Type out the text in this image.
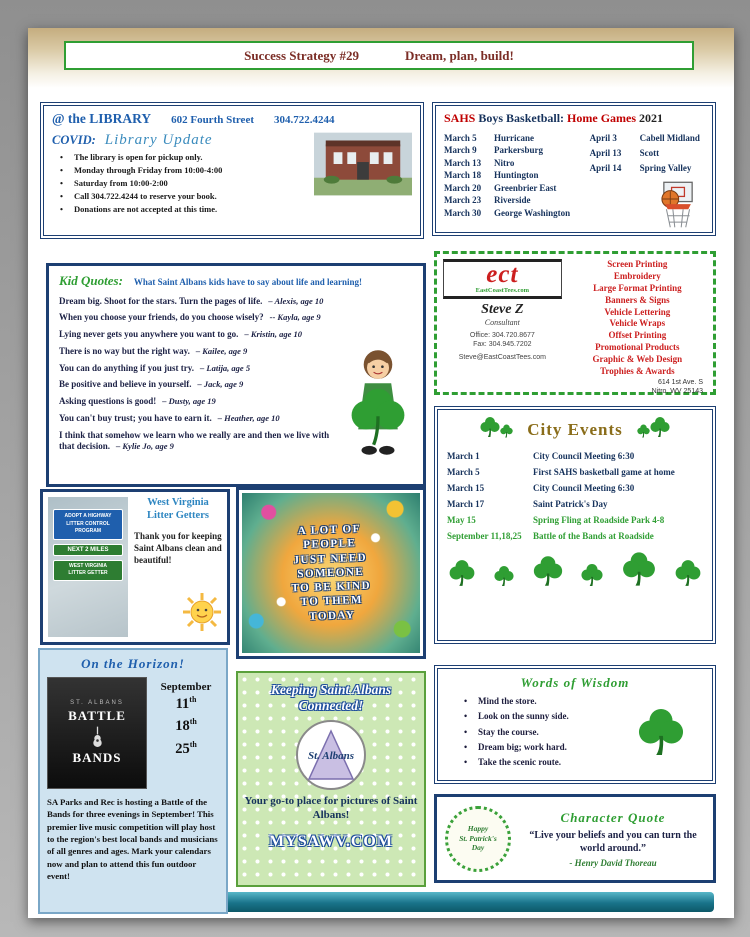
Success Strategy #29	Dream, plan, build!
@ the LIBRARY 602 Fourth Street 304.722.4244
COVID: Library Update
• The library is open for pickup only.
• Monday through Friday from 10:00-4:00
• Saturday from 10:00-2:00
• Call 304.722.4244 to reserve your book.
• Donations are not accepted at this time.
SAHS Boys Basketball: Home Games 2021
March 5	Hurricane
March 9	Parkersburg
March 13	Nitro
March 18	Huntington
March 20	Greenbrier East
March 23	Riverside
March 30	George Washington
April 3	Cabell Midland
April 13	Scott
April 14	Spring Valley
Kid Quotes: What Saint Albans kids have to say about life and learning!

Dream big. Shoot for the stars. Turn the pages of life. – Alexis, age 10

When you choose your friends, do you choose wisely? -- Kayla, age 9

Lying never gets you anywhere you want to go. – Kristin, age 10

There is no way but the right way. – Kailee, age 9

You can do anything if you just try. – Latija, age 5

Be positive and believe in yourself. – Jack, age 9

Asking questions is good! – Dusty, age 19

You can't buy trust; you have to earn it. – Heather, age 10

I think that somehow we learn who we really are and then we live with that decision. – Kylie Jo, age 9

ect
EastCoastTees.com
Steve Z
Consultant
Office: 304.720.8677
Fax: 304.945.7202
Steve@EastCoastTees.com
Screen Printing
Embroidery
Large Format Printing
Banners & Signs
Vehicle Lettering
Vehicle Wraps
Offset Printing
Promotional Products
Graphic & Web Design
Trophies & Awards
614 1st Ave. S
Nitro, WV 25143
City Events
March 1	City Council Meeting 6:30
March 5	First SAHS basketball game at home
March 15	City Council Meeting 6:30
March 17	Saint Patrick's Day
May 15	Spring Fling at Roadside Park 4-8
September 11,18,25	Battle of the Bands at Roadside
ADOPT A HIGHWAY
LITTER CONTROL
PROGRAM
NEXT 2 MILES
WEST VIRGINIA
LITTER GETTER
West Virginia Litter Getters
Thank you for keeping Saint Albans clean and beautiful!
A LOT OF
PEOPLE
JUST NEED
SOMEONE
TO BE KIND
TO THEM
TODAY
On the Horizon!
ST. ALBANS
BATTLE
BANDS
September
11th
18th
25th
SA Parks and Rec is hosting a Battle of the Bands for three evenings in September! This premier live music competition will play host to the region's best local bands and musicians of all genres and ages. Mark your calendars now and plan to attend this fun outdoor event!
Keeping Saint Albans
Connected!
St. Albans
Your go-to place for pictures of Saint Albans!
MYSAWV.COM
Words of Wisdom
• Mind the store.
• Look on the sunny side.
• Stay the course.
• Dream big; work hard.
• Take the scenic route.
Happy
St. Patrick's
Day
Character Quote
“Live your beliefs and you can turn the world around.”
- Henry David Thoreau
